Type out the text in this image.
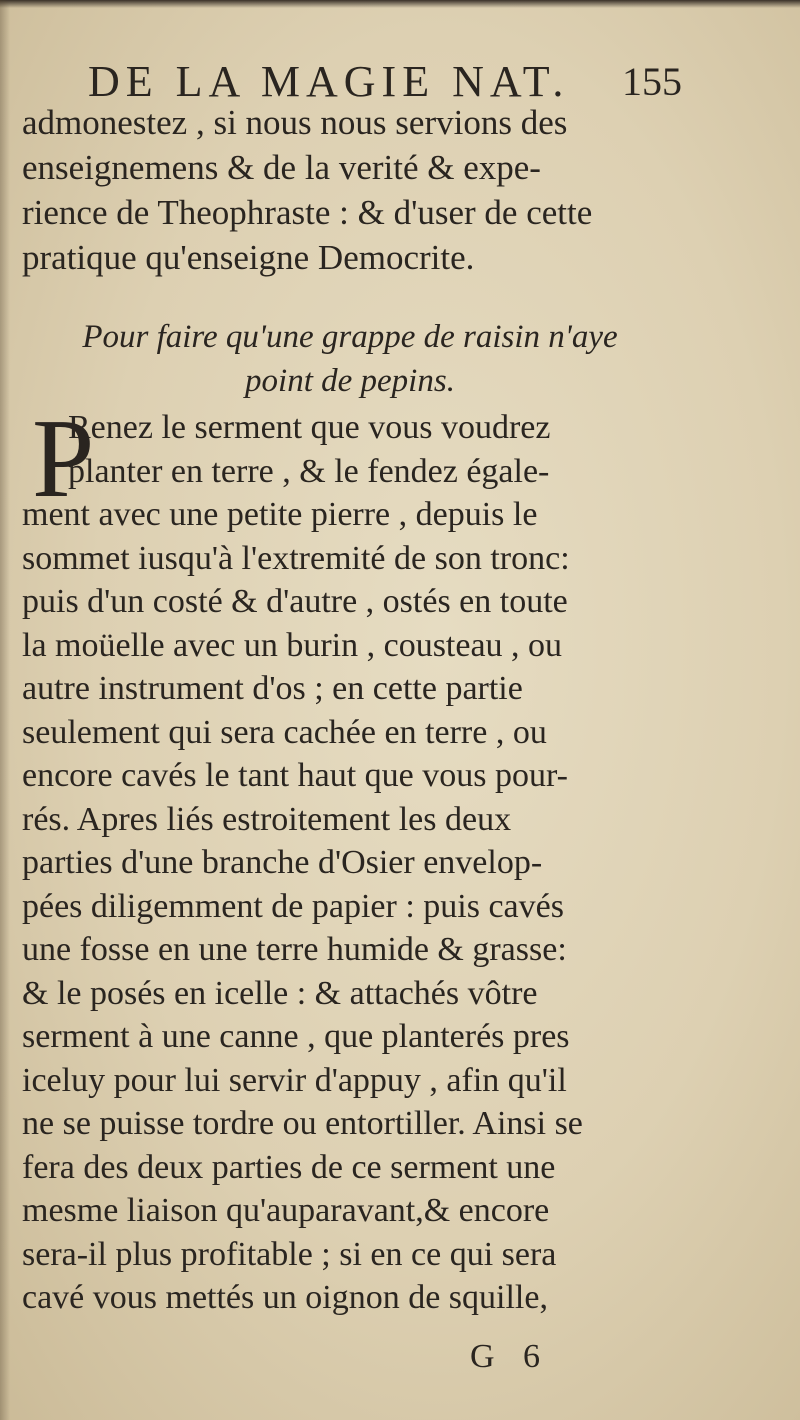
DE LA MAGIE NAT. 155
admonestez , si nous nous servions des
enseignemens & de la verité & expe-
rience de Theophraste : & d'user de cette
pratique qu'enseigne Democrite.
Pour faire qu'une grappe de raisin n'aye
point de pepins.
P
Renez le serment que vous voudrez
planter en terre , & le fendez égale-
ment avec une petite pierre , depuis le
sommet iusqu'à l'extremité de son tronc:
puis d'un costé & d'autre , ostés en toute
la moüelle avec un burin , cousteau , ou
autre instrument d'os ; en cette partie
seulement qui sera cachée en terre , ou
encore cavés le tant haut que vous pour-
rés. Apres liés estroitement les deux
parties d'une branche d'Osier envelop-
pées diligemment de papier : puis cavés
une fosse en une terre humide & grasse:
& le posés en icelle : & attachés vôtre
serment à une canne , que planterés pres
iceluy pour lui servir d'appuy , afin qu'il
ne se puisse tordre ou entortiller. Ainsi se
fera des deux parties de ce serment une
mesme liaison qu'auparavant,& encore
sera-il plus profitable ; si en ce qui sera
cavé vous mettés un oignon de squille,
G 6
